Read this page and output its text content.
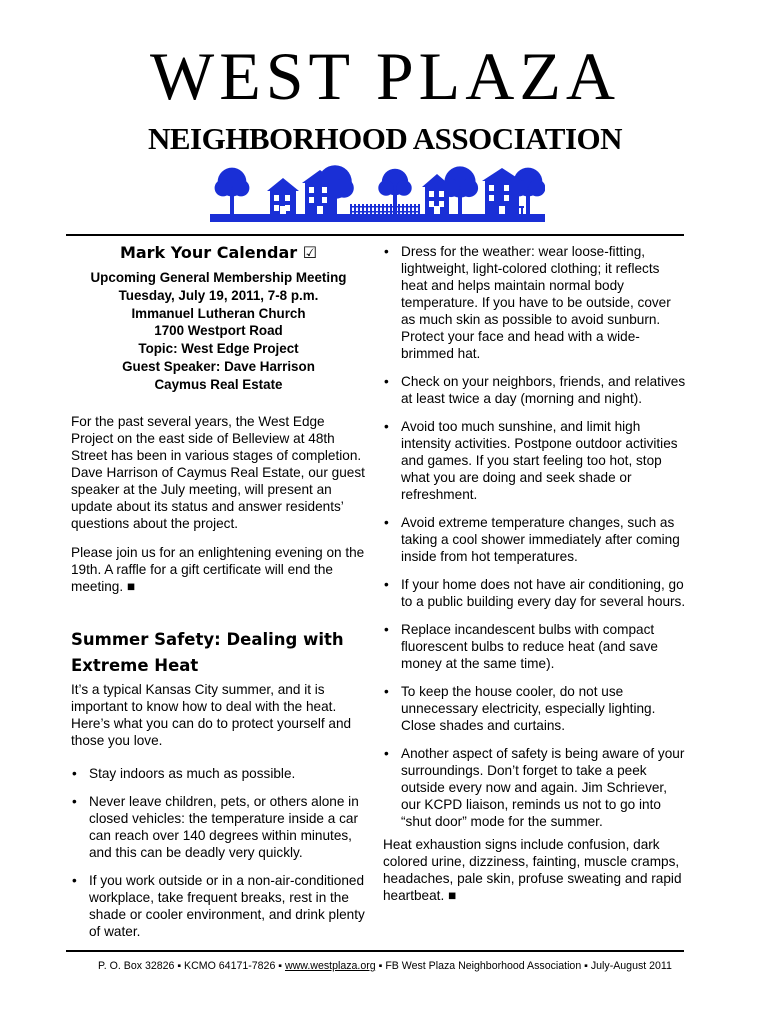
WEST PLAZA
NEIGHBORHOOD ASSOCIATION
Mark Your Calendar ☑
Upcoming General Membership Meeting
Tuesday, July 19, 2011, 7-8 p.m.
Immanuel Lutheran Church
1700 Westport Road
Topic: West Edge Project
Guest Speaker: Dave Harrison
Caymus Real Estate

For the past several years, the West Edge Project on the east side of Belleview at 48th Street has been in various stages of completion. Dave Harrison of Caymus Real Estate, our guest speaker at the July meeting, will present an update about its status and answer residents’ questions about the project.

Please join us for an enlightening evening on the 19th. A raffle for a gift certificate will end the meeting. ■

Summer Safety: Dealing with Extreme Heat

It’s a typical Kansas City summer, and it is important to know how to deal with the heat. Here’s what you can do to protect yourself and those you love.

• Stay indoors as much as possible.
• Never leave children, pets, or others alone in closed vehicles: the temperature inside a car can reach over 140 degrees within minutes, and this can be deadly very quickly.
• If you work outside or in a non-air-conditioned workplace, take frequent breaks, rest in the shade or cooler environment, and drink plenty of water.
• Dress for the weather: wear loose-fitting, lightweight, light-colored clothing; it reflects heat and helps maintain normal body temperature. If you have to be outside, cover as much skin as possible to avoid sunburn. Protect your face and head with a wide-brimmed hat.
• Check on your neighbors, friends, and relatives at least twice a day (morning and night).
• Avoid too much sunshine, and limit high intensity activities. Postpone outdoor activities and games. If you start feeling too hot, stop what you are doing and seek shade or refreshment.
• Avoid extreme temperature changes, such as taking a cool shower immediately after coming inside from hot temperatures.
• If your home does not have air conditioning, go to a public building every day for several hours.
• Replace incandescent bulbs with compact fluorescent bulbs to reduce heat (and save money at the same time).
• To keep the house cooler, do not use unnecessary electricity, especially lighting. Close shades and curtains.
• Another aspect of safety is being aware of your surroundings. Don’t forget to take a peek outside every now and again. Jim Schriever, our KCPD liaison, reminds us not to go into “shut door” mode for the summer.

Heat exhaustion signs include confusion, dark colored urine, dizziness, fainting, muscle cramps, headaches, pale skin, profuse sweating and rapid heartbeat. ■

P. O. Box 32826 ▪ KCMO 64171-7826 ▪ www.westplaza.org ▪ FB West Plaza Neighborhood Association ▪ July-August 2011
